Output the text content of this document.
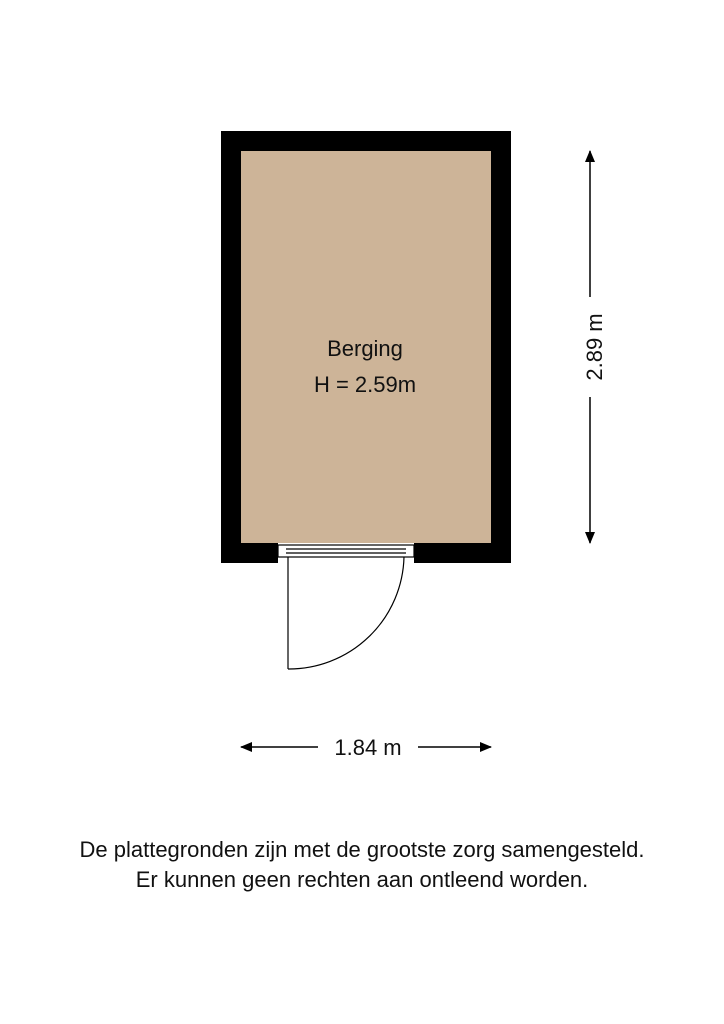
Berging
H = 2.59m
1.84 m
2.89 m
De plattegronden zijn met de grootste zorg samengesteld.
Er kunnen geen rechten aan ontleend worden.
